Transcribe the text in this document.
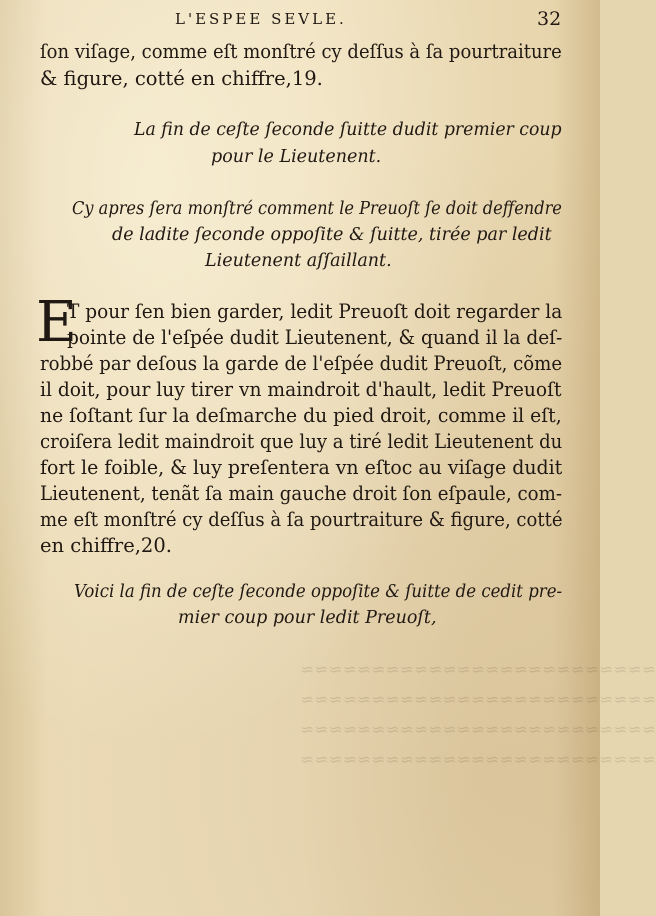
L'ESPEE SEVLE.	32
≈≈≈≈≈≈≈≈≈≈≈≈≈≈≈≈≈≈≈≈≈≈≈≈≈
≈≈≈≈≈≈≈≈≈≈≈≈≈≈≈≈≈≈≈≈≈≈≈≈≈
≈≈≈≈≈≈≈≈≈≈≈≈≈≈≈≈≈≈≈≈≈≈≈≈≈
≈≈≈≈≈≈≈≈≈≈≈≈≈≈≈≈≈≈≈≈≈≈≈≈≈
ſon viſage, comme eſt monſtré cy deſſus à ſa pourtraiture
& figure, cotté en chiffre,19.
La fin de ceſte ſeconde ſuitte dudit premier coup
pour le Lieutenent.
Cy apres ſera monſtré comment le Preuoſt ſe doit deffendre
de ladite ſeconde oppoſite & ſuitte, tirée par ledit
Lieutenent aſſaillant.
E
T pour ſen bien garder, ledit Preuoſt doit regarder la
pointe de l'eſpée dudit Lieutenent, & quand il la deſ-
robbé par deſous la garde de l'eſpée dudit Preuoſt, cõme
il doit, pour luy tirer vn maindroit d'hault, ledit Preuoſt
ne ſoſtant ſur la deſmarche du pied droit, comme il eſt,
croiſera ledit maindroit que luy a tiré ledit Lieutenent du
fort le foible, & luy preſentera vn eſtoc au viſage dudit
Lieutenent, tenãt ſa main gauche droit ſon eſpaule, com-
me eſt monſtré cy deſſus à ſa pourtraiture & figure, cotté
en chiffre,20.
Voici la fin de ceſte ſeconde oppoſite & ſuitte de cedit pre-
mier coup pour ledit Preuoſt,
